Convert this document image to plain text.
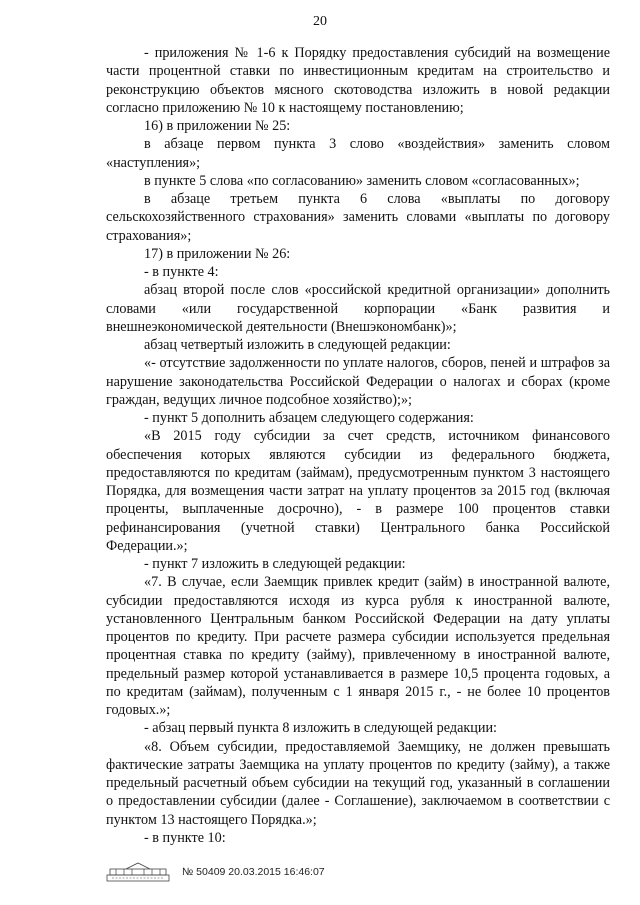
20

- приложения № 1-6 к Порядку предоставления субсидий на возмещение части процентной ставки по инвестиционным кредитам на строительство и реконструкцию объектов мясного скотоводства изложить в новой редакции согласно приложению № 10 к настоящему постановлению;

16) в приложении № 25:

в абзаце первом пункта 3 слово «воздействия» заменить словом «наступления»;

в пункте 5 слова «по согласованию» заменить словом «согласованных»;

в абзаце третьем пункта 6 слова «выплаты по договору сельскохозяйственного страхования» заменить словами «выплаты по договору страхования»;

17) в приложении № 26:

- в пункте 4:

абзац второй после слов «российской кредитной организации» дополнить словами «или государственной корпорации «Банк развития и внешнеэкономической деятельности (Внешэкономбанк)»;

абзац четвертый изложить в следующей редакции:

«- отсутствие задолженности по уплате налогов, сборов, пеней и штрафов за нарушение законодательства Российской Федерации о налогах и сборах (кроме граждан, ведущих личное подсобное хозяйство);»;

- пункт 5 дополнить абзацем следующего содержания:

«В 2015 году субсидии за счет средств, источником финансового обеспечения которых являются субсидии из федерального бюджета, предоставляются по кредитам (займам), предусмотренным пунктом 3 настоящего Порядка, для возмещения части затрат на уплату процентов за 2015 год (включая проценты, выплаченные досрочно), - в размере 100 процентов ставки рефинансирования (учетной ставки) Центрального банка Российской Федерации.»;

- пункт 7 изложить в следующей редакции:

«7. В случае, если Заемщик привлек кредит (займ) в иностранной валюте, субсидии предоставляются исходя из курса рубля к иностранной валюте, установленного Центральным банком Российской Федерации на дату уплаты процентов по кредиту. При расчете размера субсидии используется предельная процентная ставка по кредиту (займу), привлеченному в иностранной валюте, предельный размер которой устанавливается в размере 10,5 процента годовых, а по кредитам (займам), полученным с 1 января 2015 г., - не более 10 процентов годовых.»;

- абзац первый пункта 8 изложить в следующей редакции:

«8. Объем субсидии, предоставляемой Заемщику, не должен превышать фактические затраты Заемщика на уплату процентов по кредиту (займу), а также предельный расчетный объем субсидии на текущий год, указанный в соглашении о предоставлении субсидии (далее - Соглашение), заключаемом в соответствии с пунктом 13 настоящего Порядка.»;

- в пункте 10:

№ 50409 20.03.2015 16:46:07
